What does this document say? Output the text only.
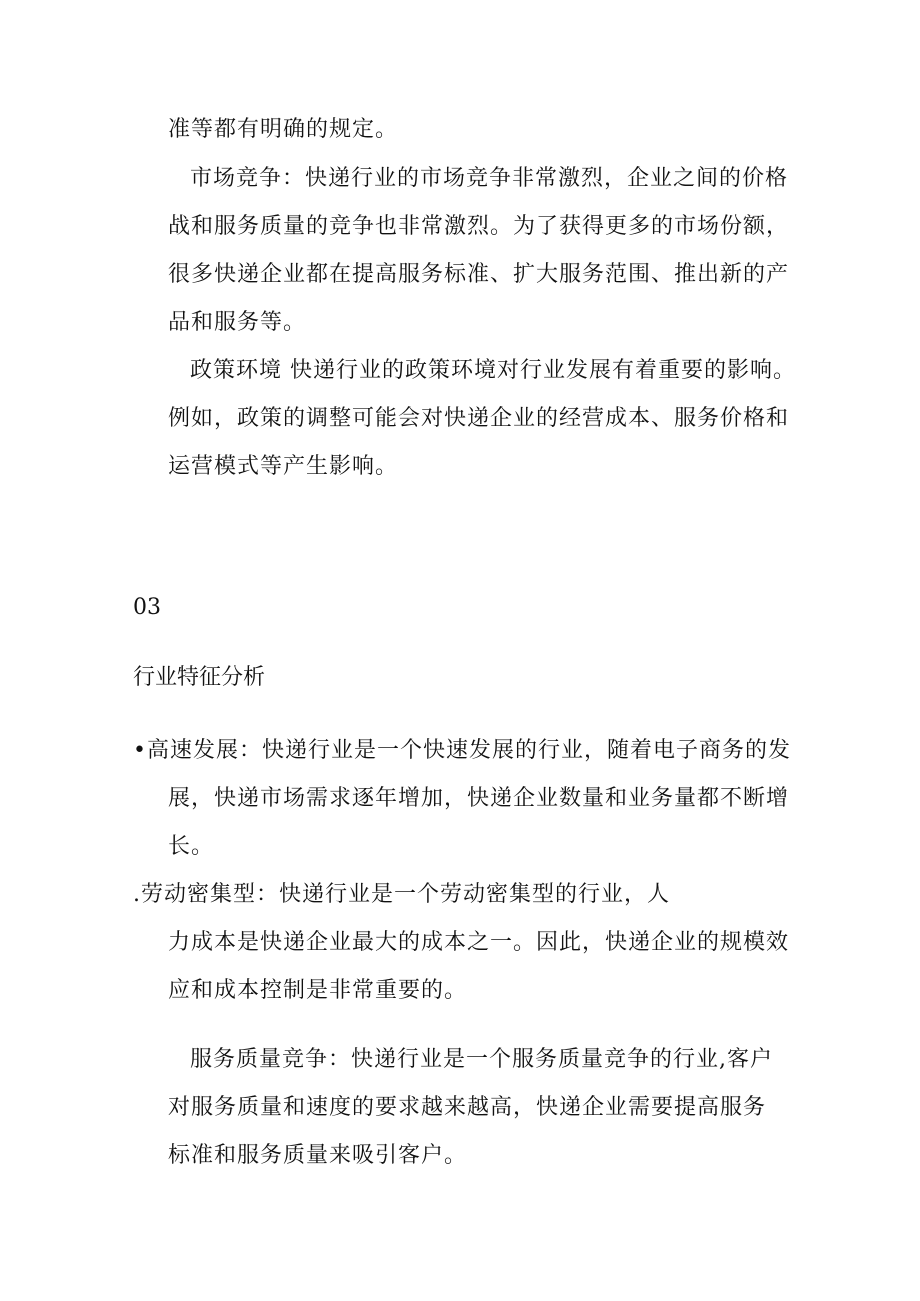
准等都有明确的规定。
市场竞争：快递行业的市场竞争非常激烈，企业之间的价格
战和服务质量的竞争也非常激烈。为了获得更多的市场份额，
很多快递企业都在提高服务标准、扩大服务范围、推出新的产
品和服务等。
政策环境 快递行业的政策环境对行业发展有着重要的影响。
例如，政策的调整可能会对快递企业的经营成本、服务价格和
运营模式等产生影响。
03
行业特征分析
•高速发展：快递行业是一个快速发展的行业，随着电子商务的发
展，快递市场需求逐年增加，快递企业数量和业务量都不断增
长。
.劳动密集型：快递行业是一个劳动密集型的行业，人
力成本是快递企业最大的成本之一。因此，快递企业的规模效
应和成本控制是非常重要的。
服务质量竞争：快递行业是一个服务质量竞争的行业,客户
对服务质量和速度的要求越来越高，快递企业需要提高服务
标准和服务质量来吸引客户。
